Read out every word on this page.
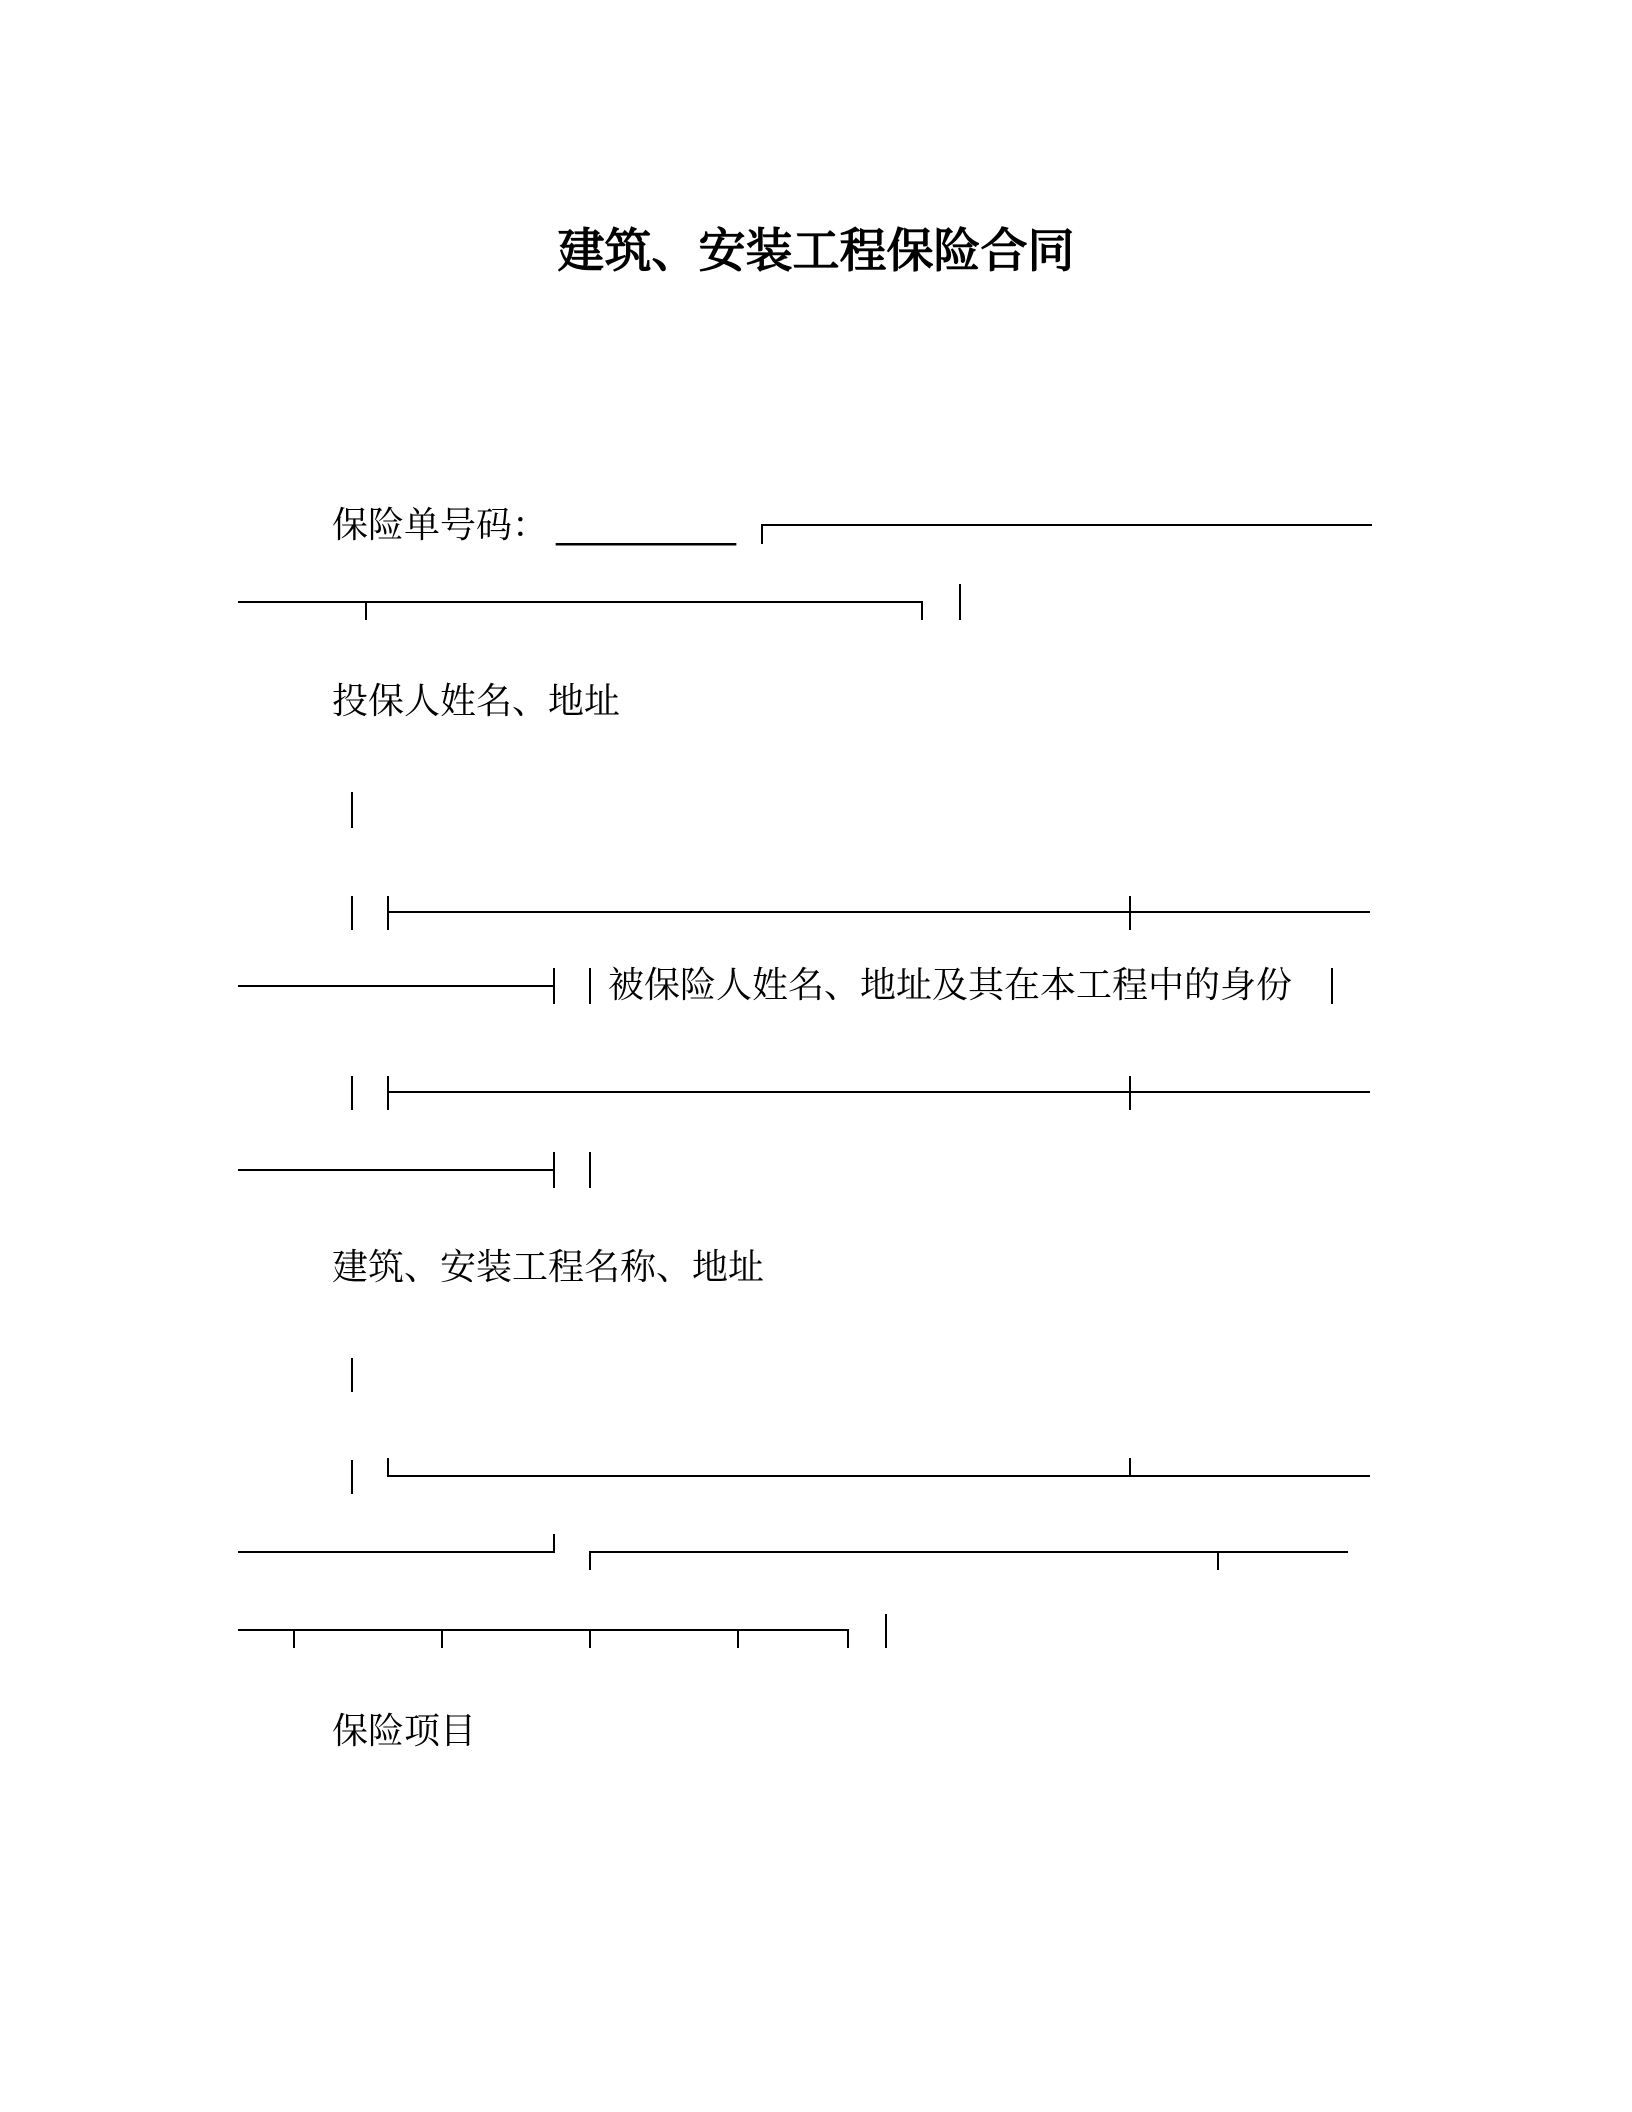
建筑、安装工程保险合同
保险单号码： __________
投保人姓名、地址
被保险人姓名、地址及其在本工程中的身份
建筑、安装工程名称、地址
保险项目
